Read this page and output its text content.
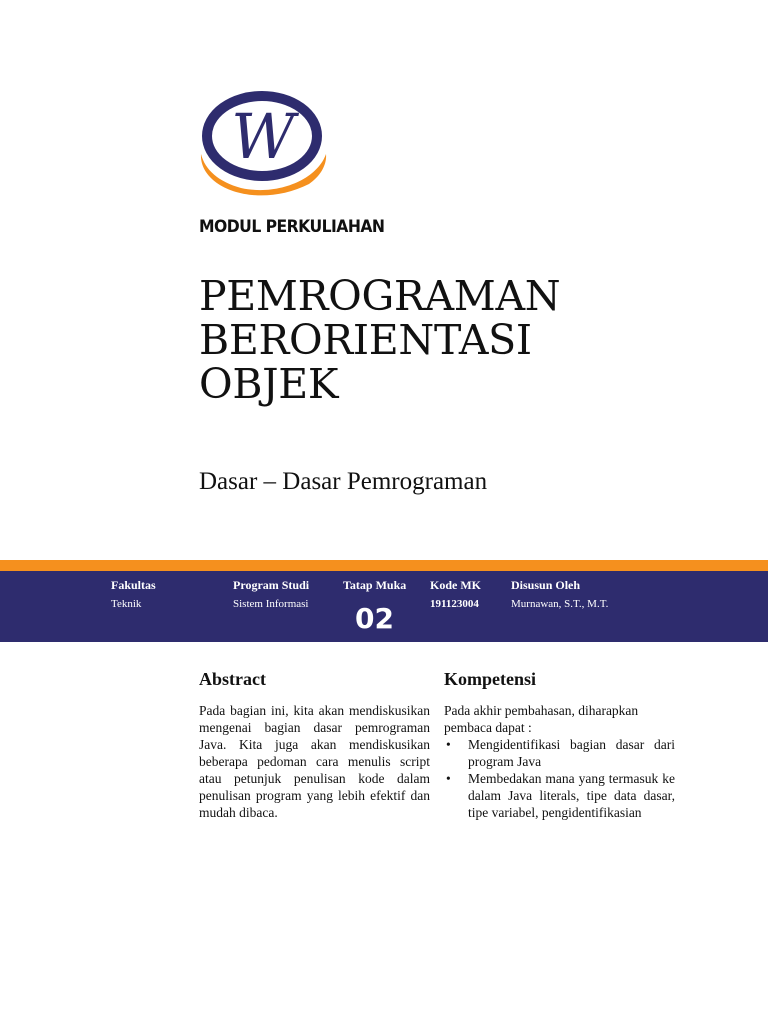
W
MODUL PERKULIAHAN
PEMROGRAMAN
BERORIENTASI
OBJEK
Dasar – Dasar Pemrograman
Fakultas
Teknik
Program Studi
Sistem Informasi
Tatap Muka
02
Kode MK
191123004
Disusun Oleh
Murnawan, S.T., M.T.
Abstract	Kompetensi

Pada bagian ini, kita akan mendiskusikan mengenai bagian dasar pemrograman Java. Kita juga akan mendiskusikan beberapa pedoman cara menulis script atau petunjuk penulisan kode dalam penulisan program yang lebih efektif dan mudah dibaca.

Pada akhir pembahasan, diharapkan pembaca dapat :

• Mengidentifikasi bagian dasar dari program Java
• Membedakan mana yang termasuk ke dalam Java literals, tipe data dasar, tipe variabel, pengidentifikasian
